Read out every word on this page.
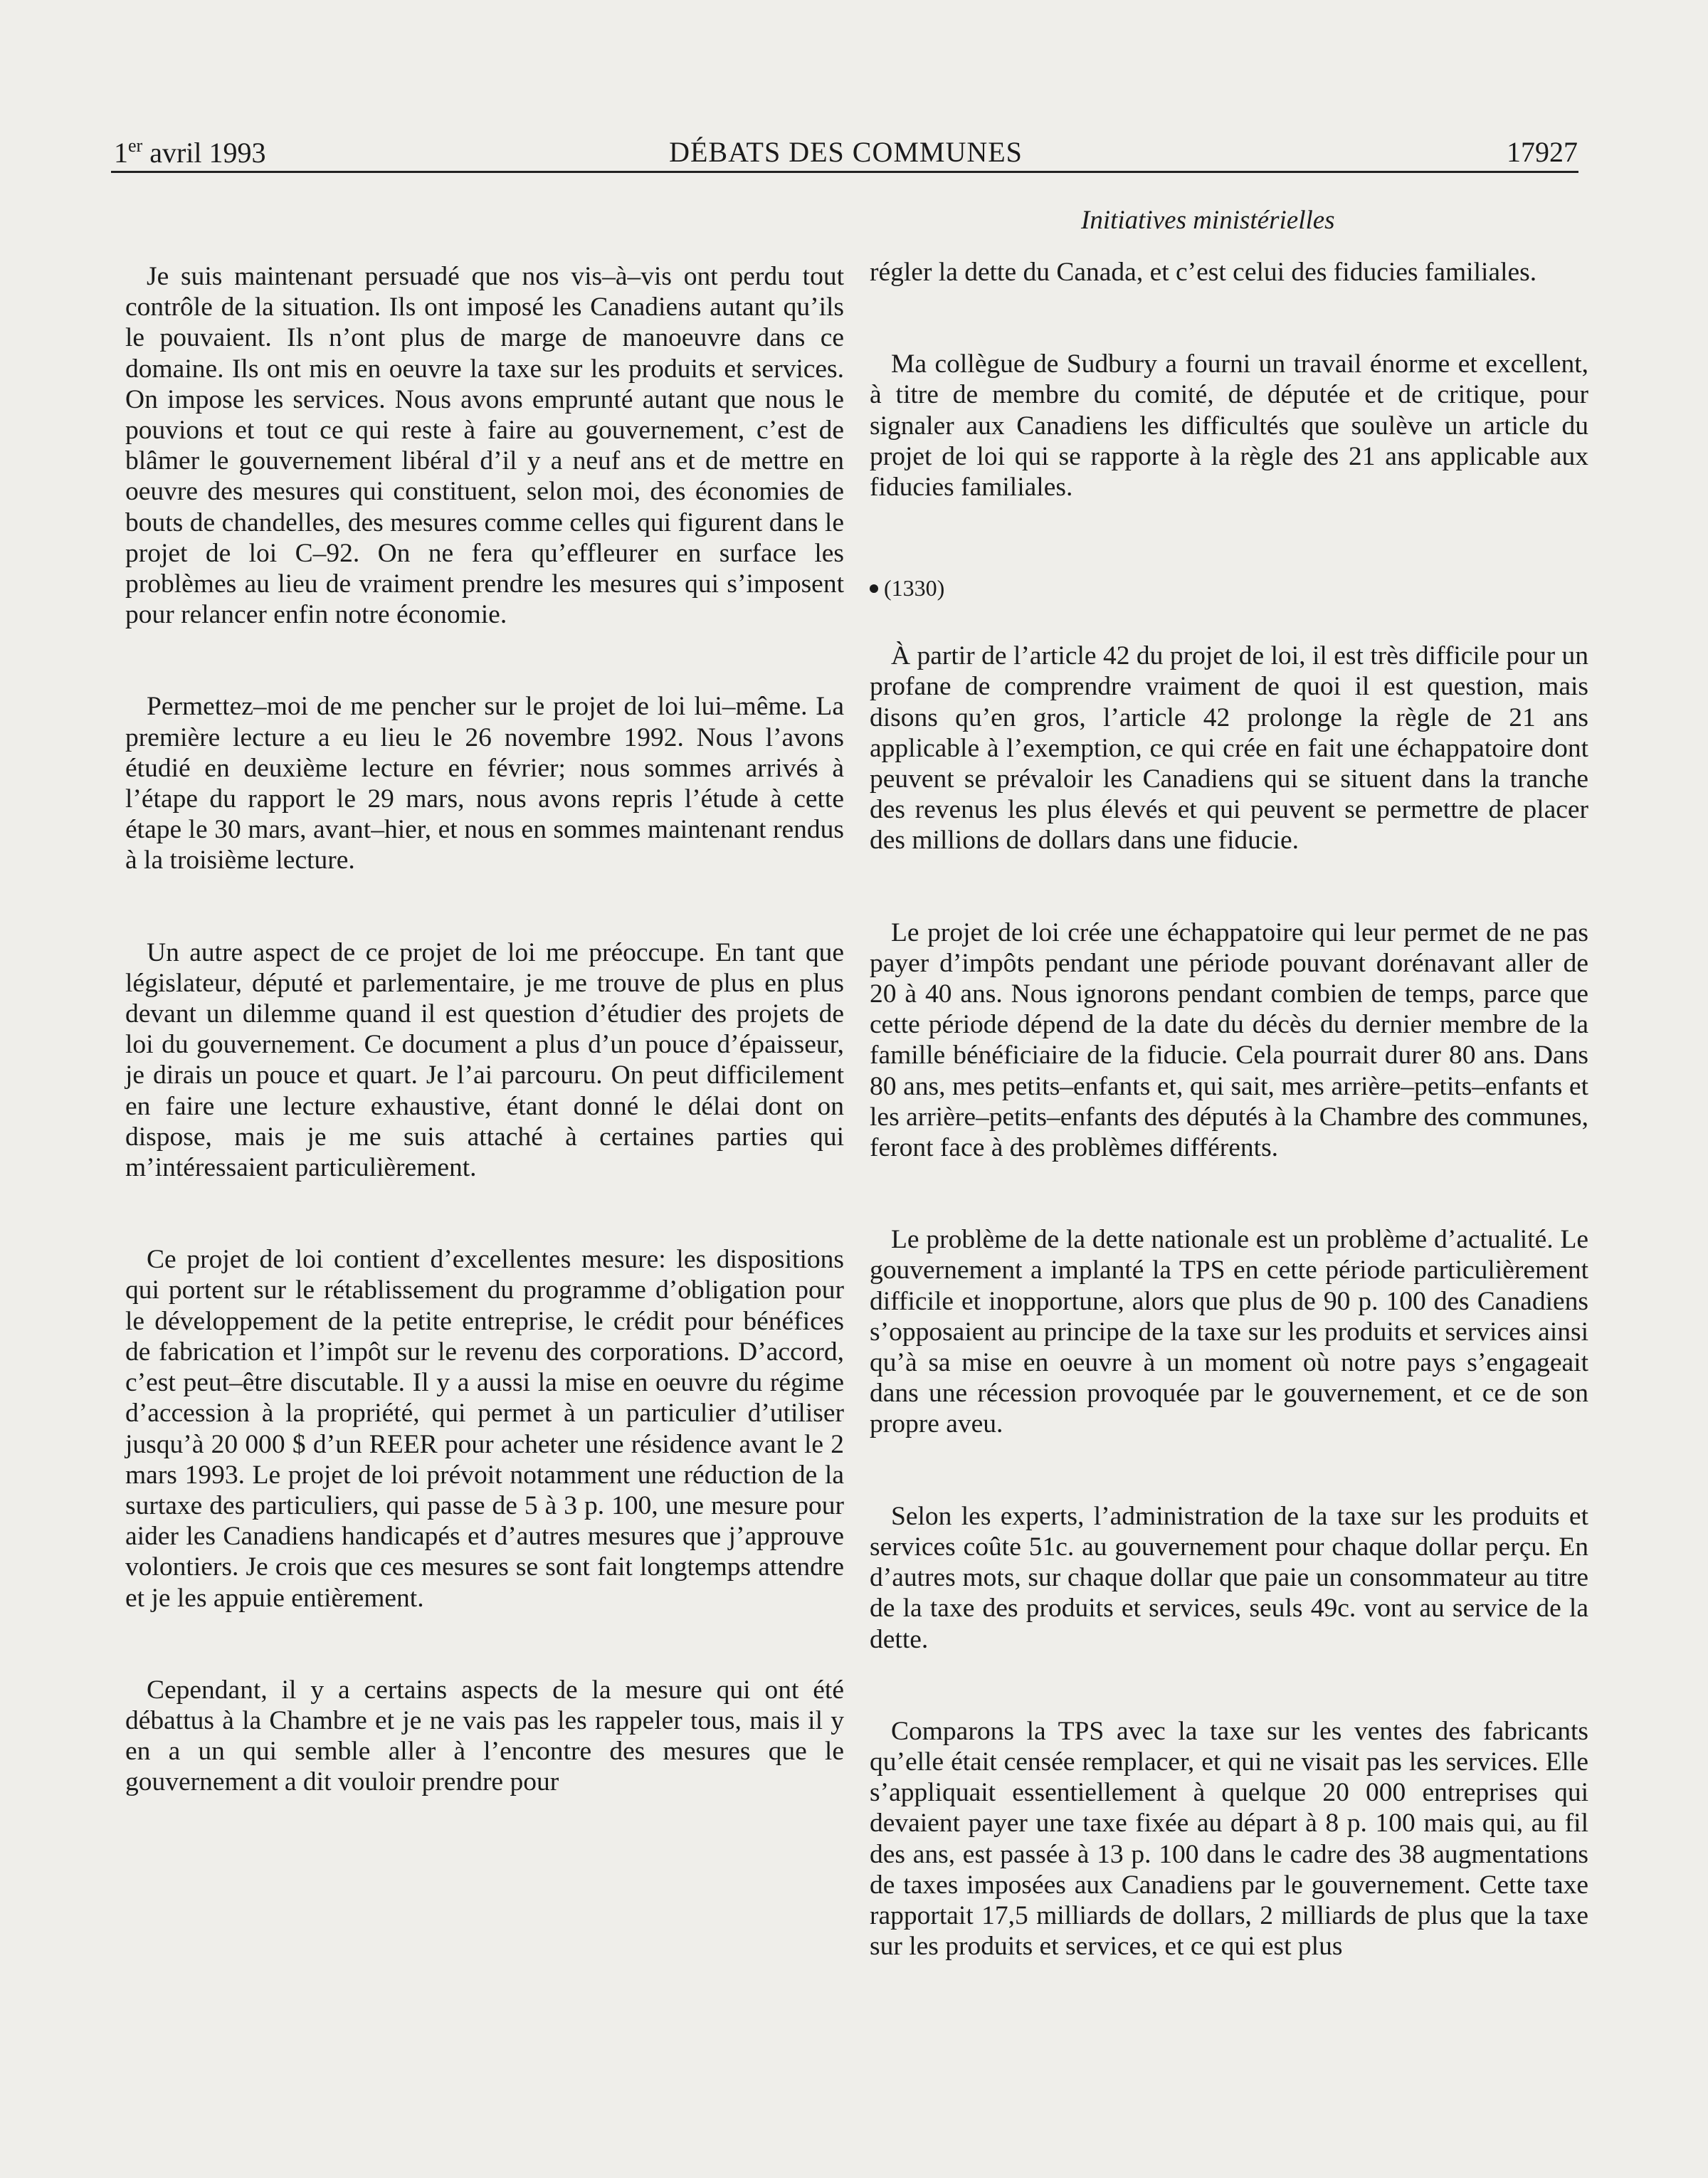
1er avril 1993	DÉBATS DES COMMUNES	17927
Initiatives ministérielles

Je suis maintenant persuadé que nos vis–à–vis ont perdu tout contrôle de la situation. Ils ont imposé les Canadiens autant qu’ils le pouvaient. Ils n’ont plus de marge de manoeuvre dans ce domaine. Ils ont mis en oeuvre la taxe sur les produits et services. On impose les services. Nous avons emprunté autant que nous le pouvions et tout ce qui reste à faire au gouvernement, c’est de blâmer le gouvernement libéral d’il y a neuf ans et de mettre en oeuvre des mesures qui constituent, selon moi, des économies de bouts de chandelles, des mesures comme celles qui figurent dans le projet de loi C–92. On ne fera qu’effleurer en surface les problèmes au lieu de vraiment prendre les mesures qui s’imposent pour relancer enfin notre économie.

Permettez–moi de me pencher sur le projet de loi lui–même. La première lecture a eu lieu le 26 novembre 1992. Nous l’avons étudié en deuxième lecture en février; nous sommes arrivés à l’étape du rapport le 29 mars, nous avons repris l’étude à cette étape le 30 mars, avant–hier, et nous en sommes maintenant rendus à la troisième lecture.

Un autre aspect de ce projet de loi me préoccupe. En tant que législateur, député et parlementaire, je me trouve de plus en plus devant un dilemme quand il est question d’étudier des projets de loi du gouvernement. Ce document a plus d’un pouce d’épaisseur, je dirais un pouce et quart. Je l’ai parcouru. On peut difficilement en faire une lecture exhaustive, étant donné le délai dont on dispose, mais je me suis attaché à certaines parties qui m’intéressaient particulièrement.

Ce projet de loi contient d’excellentes mesure: les dispositions qui portent sur le rétablissement du programme d’obligation pour le développement de la petite entreprise, le crédit pour bénéfices de fabrication et l’impôt sur le revenu des corporations. D’accord, c’est peut–être discutable. Il y a aussi la mise en oeuvre du régime d’accession à la propriété, qui permet à un particulier d’utiliser jusqu’à 20 000 $ d’un REER pour acheter une résidence avant le 2 mars 1993. Le projet de loi prévoit notamment une réduction de la surtaxe des particuliers, qui passe de 5 à 3 p. 100, une mesure pour aider les Canadiens handicapés et d’autres mesures que j’approuve volontiers. Je crois que ces mesures se sont fait longtemps attendre et je les appuie entièrement.

Cependant, il y a certains aspects de la mesure qui ont été débattus à la Chambre et je ne vais pas les rappeler tous, mais il y en a un qui semble aller à l’encontre des mesures que le gouvernement a dit vouloir prendre pour

régler la dette du Canada, et c’est celui des fiducies familiales.

Ma collègue de Sudbury a fourni un travail énorme et excellent, à titre de membre du comité, de députée et de critique, pour signaler aux Canadiens les difficultés que soulève un article du projet de loi qui se rapporte à la règle des 21 ans applicable aux fiducies familiales.

(1330)

À partir de l’article 42 du projet de loi, il est très difficile pour un profane de comprendre vraiment de quoi il est question, mais disons qu’en gros, l’article 42 prolonge la règle de 21 ans applicable à l’exemption, ce qui crée en fait une échappatoire dont peuvent se prévaloir les Canadiens qui se situent dans la tranche des revenus les plus élevés et qui peuvent se permettre de placer des millions de dollars dans une fiducie.

Le projet de loi crée une échappatoire qui leur permet de ne pas payer d’impôts pendant une période pouvant dorénavant aller de 20 à 40 ans. Nous ignorons pendant combien de temps, parce que cette période dépend de la date du décès du dernier membre de la famille bénéficiaire de la fiducie. Cela pourrait durer 80 ans. Dans 80 ans, mes petits–enfants et, qui sait, mes arrière–petits–enfants et les arrière–petits–enfants des députés à la Chambre des communes, feront face à des problèmes différents.

Le problème de la dette nationale est un problème d’actualité. Le gouvernement a implanté la TPS en cette période particulièrement difficile et inopportune, alors que plus de 90 p. 100 des Canadiens s’opposaient au principe de la taxe sur les produits et services ainsi qu’à sa mise en oeuvre à un moment où notre pays s’engageait dans une récession provoquée par le gouvernement, et ce de son propre aveu.

Selon les experts, l’administration de la taxe sur les produits et services coûte 51c. au gouvernement pour chaque dollar perçu. En d’autres mots, sur chaque dollar que paie un consommateur au titre de la taxe des produits et services, seuls 49c. vont au service de la dette.

Comparons la TPS avec la taxe sur les ventes des fabricants qu’elle était censée remplacer, et qui ne visait pas les services. Elle s’appliquait essentiellement à quelque 20 000 entreprises qui devaient payer une taxe fixée au départ à 8 p. 100 mais qui, au fil des ans, est passée à 13 p. 100 dans le cadre des 38 augmentations de taxes imposées aux Canadiens par le gouvernement. Cette taxe rapportait 17,5 milliards de dollars, 2 milliards de plus que la taxe sur les produits et services, et ce qui est plus
